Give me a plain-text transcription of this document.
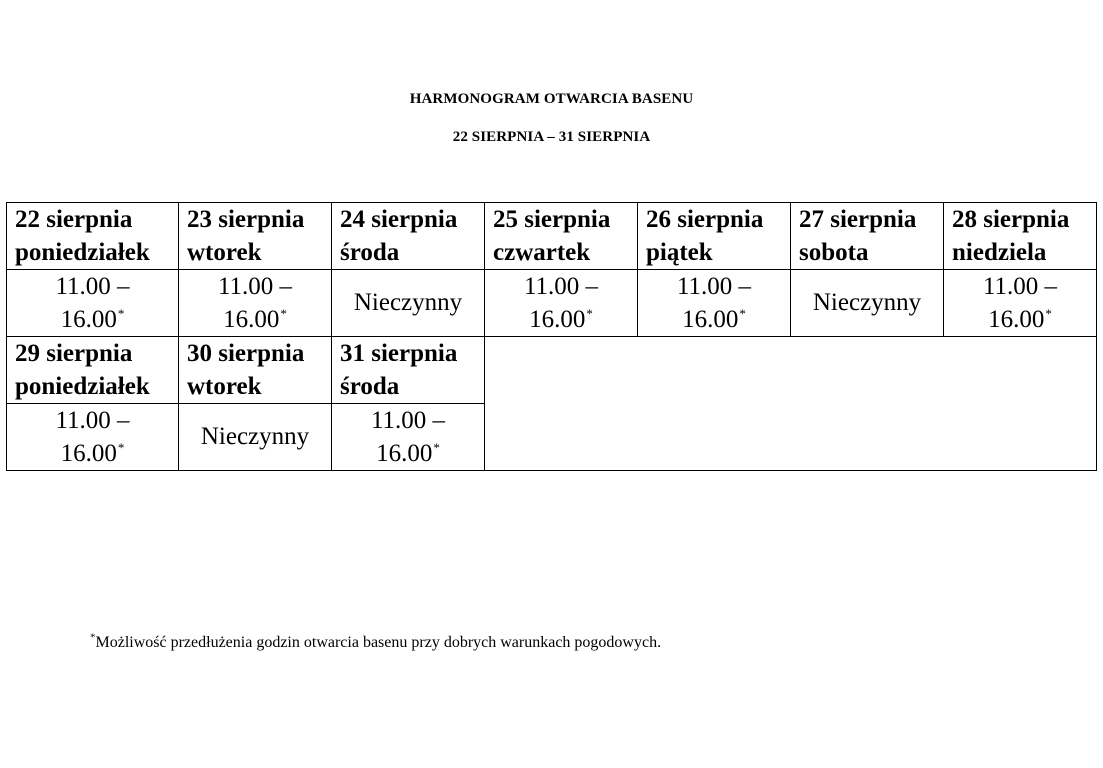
HARMONOGRAM OTWARCIA BASENU
22 SIERPNIA – 31 SIERPNIA
22 sierpnia
poniedziałek	23 sierpnia
wtorek	24 sierpnia
środa	25 sierpnia
czwartek	26 sierpnia
piątek	27 sierpnia
sobota	28 sierpnia
niedziela

11.00 –
16.00*	11.00 –
16.00*	Nieczynny	11.00 –
16.00*	11.00 –
16.00*	Nieczynny	11.00 –
16.00*

29 sierpnia
poniedziałek	30 sierpnia
wtorek	31 sierpnia
środa				

11.00 –
16.00*	Nieczynny	11.00 –
16.00*
*Możliwość przedłużenia godzin otwarcia basenu przy dobrych warunkach pogodowych.
